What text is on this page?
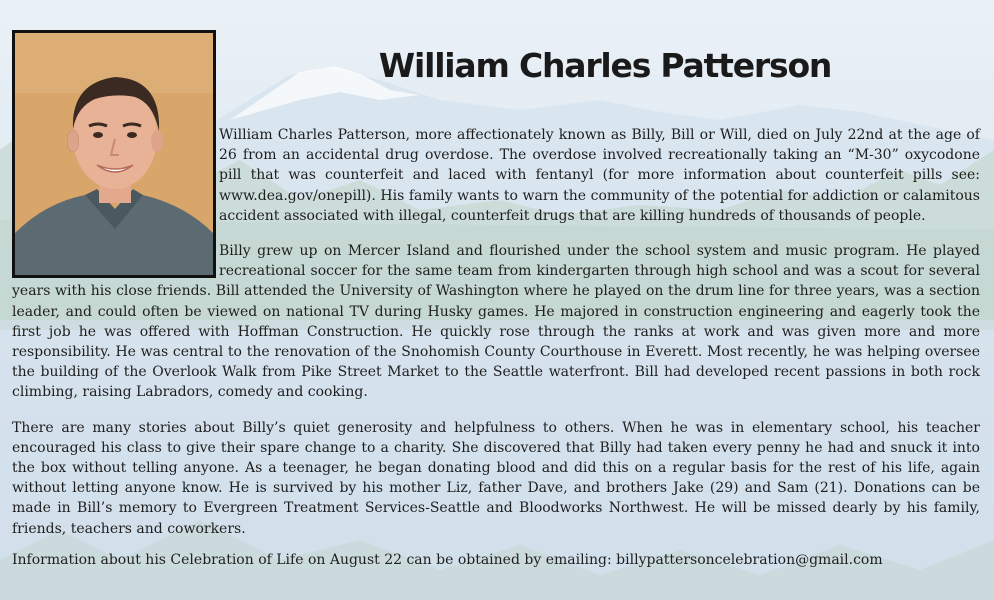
William Charles Patterson

William Charles Patterson, more affectionately known as Billy, Bill or Will, died on July 22nd at the age of 26 from an accidental drug overdose. The overdose involved recreationally taking an “M-30” oxycodone pill that was counterfeit and laced with fentanyl (for more information about counterfeit pills see: www.dea.gov/onepill). His family wants to warn the community of the potential for addiction or calamitous accident associated with illegal, counterfeit drugs that are killing hundreds of thousands of people.

Billy grew up on Mercer Island and flourished under the school system and music program. He played recreational soccer for the same team from kindergarten through high school and was a scout for several years with his close friends. Bill attended the University of Washington where he played on the drum line for three years, was a section leader, and could often be viewed on national TV during Husky games. He majored in construction engineering and eagerly took the first job he was offered with Hoffman Construction. He quickly rose through the ranks at work and was given more and more responsibility. He was central to the renovation of the Snohomish County Courthouse in Everett. Most recently, he was helping oversee the building of the Overlook Walk from Pike Street Market to the Seattle waterfront. Bill had developed recent passions in both rock climbing, raising Labradors, comedy and cooking.

There are many stories about Billy’s quiet generosity and helpfulness to others. When he was in elementary school, his teacher encouraged his class to give their spare change to a charity. She discovered that Billy had taken every penny he had and snuck it into the box without telling anyone. As a teenager, he began donating blood and did this on a regular basis for the rest of his life, again without letting anyone know. He is survived by his mother Liz, father Dave, and brothers Jake (29) and Sam (21). Donations can be made in Bill’s memory to Evergreen Treatment Services-Seattle and Bloodworks Northwest. He will be missed dearly by his family, friends, teachers and coworkers.

Information about his Celebration of Life on August 22 can be obtained by emailing: billypattersoncelebration@gmail.com
